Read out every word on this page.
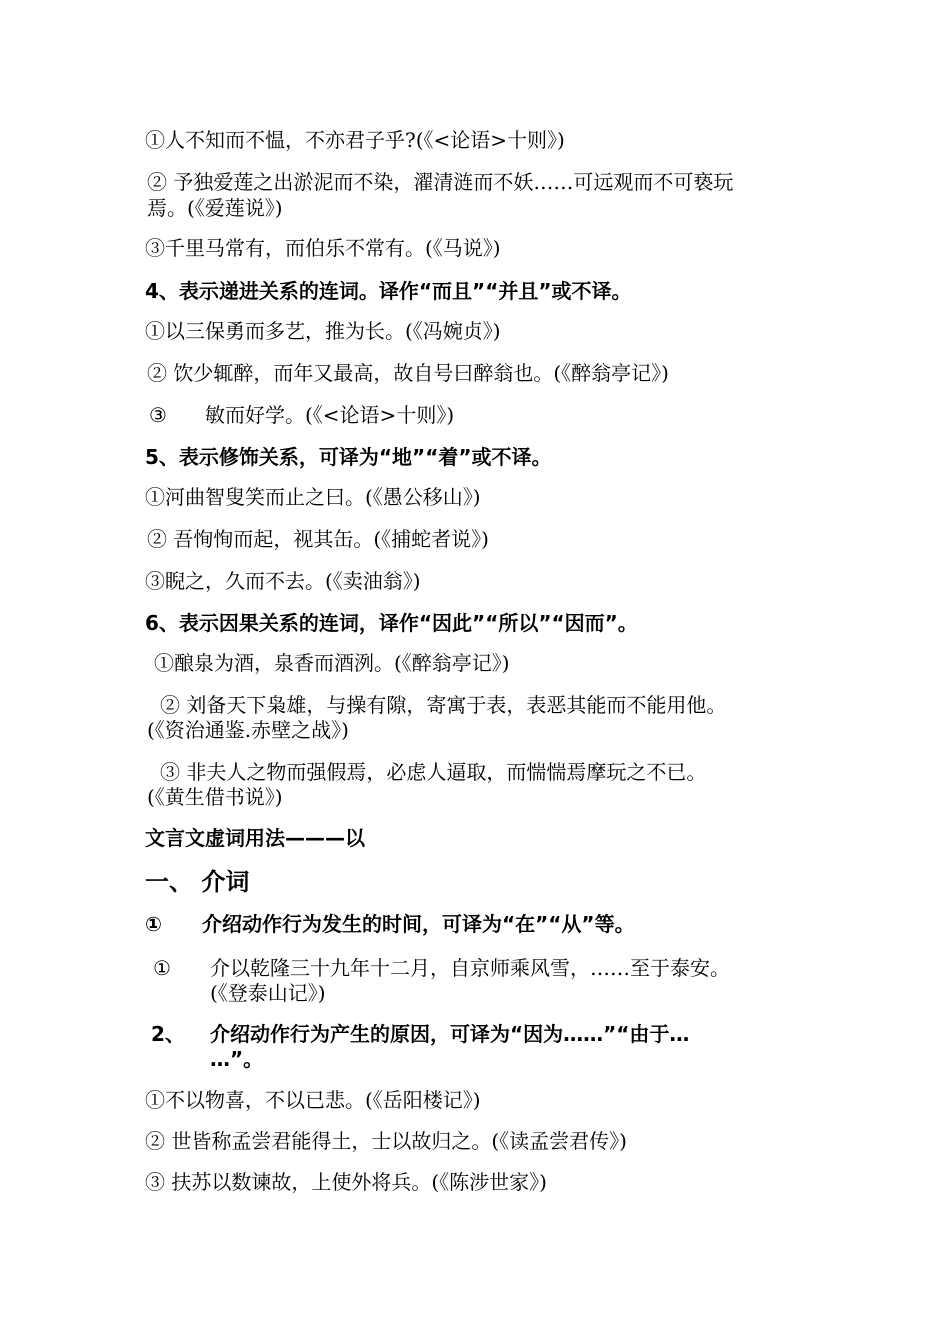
①人不知而不愠，不亦君子乎?(《<论语>十则》)
② 予独爱莲之出淤泥而不染，濯清涟而不妖……可远观而不可亵玩
焉。(《爱莲说》)
③千里马常有，而伯乐不常有。(《马说》)
4、表示递进关系的连词。译作“而且”“并且”或不译。
①以三保勇而多艺，推为长。(《冯婉贞》)
② 饮少辄醉，而年又最高，故自号曰醉翁也。(《醉翁亭记》)
③ 敏而好学。(《<论语>十则》)
5、表示修饰关系，可译为“地”“着”或不译。
①河曲智叟笑而止之曰。(《愚公移山》)
② 吾恂恂而起，视其缶。(《捕蛇者说》)
③睨之，久而不去。(《卖油翁》)
6、表示因果关系的连词，译作“因此”“所以”“因而”。
①酿泉为酒，泉香而酒洌。(《醉翁亭记》)
② 刘备天下枭雄，与操有隙，寄寓于表，表恶其能而不能用他。
(《资治通鉴.赤壁之战》)
③ 非夫人之物而强假焉，必虑人逼取，而惴惴焉摩玩之不已。
(《黄生借书说》)
文言文虚词用法———以
一、 介词
① 介绍动作行为发生的时间，可译为“在”“从”等。
① 介以乾隆三十九年十二月，自京师乘风雪，……至于泰安。
(《登泰山记》)
2、 介绍动作行为产生的原因，可译为“因为……”“由于…
…”。
①不以物喜，不以已悲。(《岳阳楼记》)
② 世皆称孟尝君能得土，士以故归之。(《读孟尝君传》)
③ 扶苏以数谏故，上使外将兵。(《陈涉世家》)
